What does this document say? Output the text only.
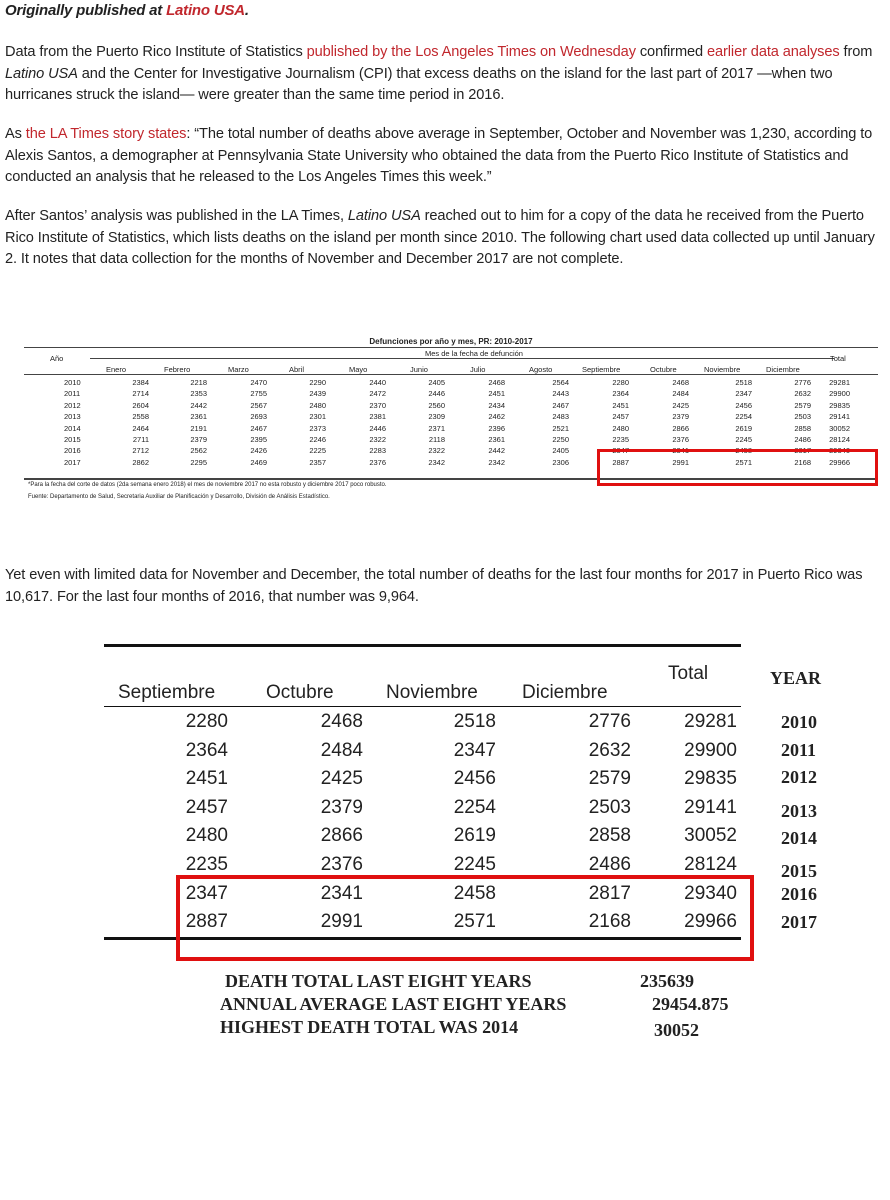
Originally published at Latino USA.
Data from the Puerto Rico Institute of Statistics published by the Los Angeles Times on Wednesday confirmed earlier data analyses from Latino USA and the Center for Investigative Journalism (CPI) that excess deaths on the island for the last part of 2017 —when two hurricanes struck the island— were greater than the same time period in 2016.
As the LA Times story states: “The total number of deaths above average in September, October and November was 1,230, according to Alexis Santos, a demographer at Pennsylvania State University who obtained the data from the Puerto Rico Institute of Statistics and conducted an analysis that he released to the Los Angeles Times this week.”
After Santos’ analysis was published in the LA Times, Latino USA reached out to him for a copy of the data he received from the Puerto Rico Institute of Statistics, which lists deaths on the island per month since 2010. The following chart used data collected up until January 2. It notes that data collection for the months of November and December 2017 are not complete.
Defunciones por año y mes, PR: 2010-2017
Mes de la fecha de defunción
Año	Total
Enero	Febrero	Marzo	Abril	Mayo	Junio	Julio	Agosto	Septiembre	Octubre	Noviembre	Diciembre
2010	2384	2218	2470	2290	2440	2405	2468	2564	2280	2468	2518	2776	29281
2011	2714	2353	2755	2439	2472	2446	2451	2443	2364	2484	2347	2632	29900
2012	2604	2442	2567	2480	2370	2560	2434	2467	2451	2425	2456	2579	29835
2013	2558	2361	2693	2301	2381	2309	2462	2483	2457	2379	2254	2503	29141
2014	2464	2191	2467	2373	2446	2371	2396	2521	2480	2866	2619	2858	30052
2015	2711	2379	2395	2246	2322	2118	2361	2250	2235	2376	2245	2486	28124
2016	2712	2562	2426	2225	2283	2322	2442	2405	2347	2341	2458	2817	29340
2017	2862	2295	2469	2357	2376	2342	2342	2306	2887	2991	2571	2168	29966
*Para la fecha del corte de datos (2da semana enero 2018) el mes de noviembre 2017 no esta robusto y diciembre 2017 poco robusto.
Fuente: Departamento de Salud, Secretaria Auxiliar de Planificación y Desarrollo, División de Análisis Estadístico.
Yet even with limited data for November and December, the total number of deaths for the last four months for 2017 in Puerto Rico was 10,617. For the last four months of 2016, that number was 9,964.
Septiembre	Octubre	Noviembre Diciembre
Total	YEAR
2280	2468	2518	2776	29281 2010
2364	2484	2347	2632	29900 2011
2451	2425	2456	2579	29835 2012
2457	2379	2254	2503	29141 2013
2480	2866	2619	2858	30052 2014
2235	2376	2245	2486	28124 2015
2347	2341	2458	2817	29340 2016
2887	2991	2571	2168	29966 2017
DEATH TOTAL LAST EIGHT YEARS	235639
ANNUAL AVERAGE LAST EIGHT YEARS	29454.875
HIGHEST DEATH TOTAL WAS 2014	30052
